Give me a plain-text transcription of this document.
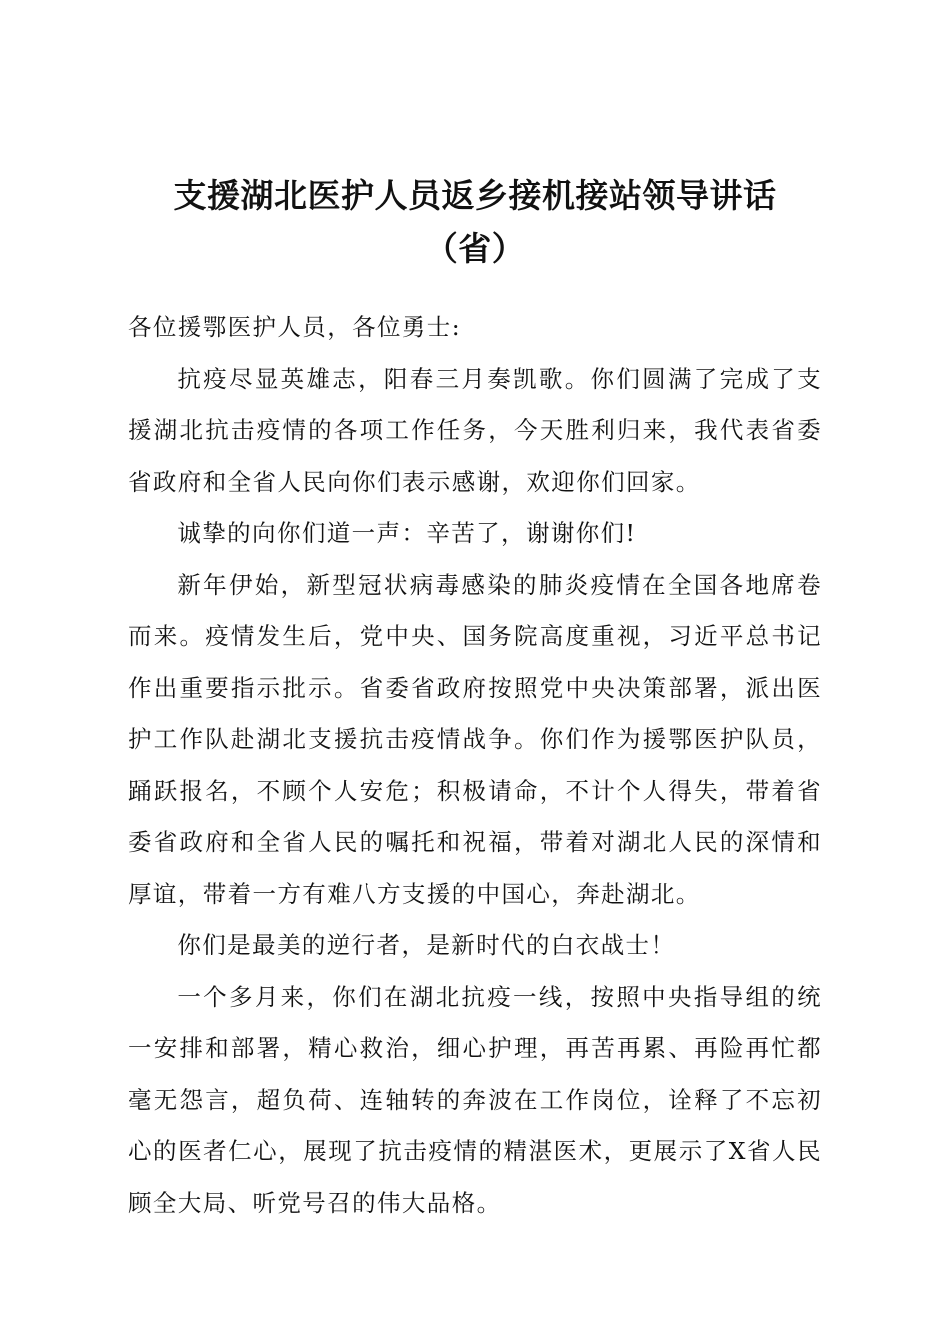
支援湖北医护人员返乡接机接站领导讲话
（省）

各位援鄂医护人员，各位勇士:

抗疫尽显英雄志，阳春三月奏凯歌。你们圆满了完成了支援湖北抗击疫情的各项工作任务，今天胜利归来，我代表省委省政府和全省人民向你们表示感谢，欢迎你们回家。

诚挚的向你们道一声：辛苦了，谢谢你们!

新年伊始，新型冠状病毒感染的肺炎疫情在全国各地席卷而来。疫情发生后，党中央、国务院高度重视，习近平总书记作出重要指示批示。省委省政府按照党中央决策部署，派出医护工作队赴湖北支援抗击疫情战争。你们作为援鄂医护队员，踊跃报名，不顾个人安危；积极请命，不计个人得失，带着省委省政府和全省人民的嘱托和祝福，带着对湖北人民的深情和厚谊，带着一方有难八方支援的中国心，奔赴湖北。

你们是最美的逆行者，是新时代的白衣战士！

一个多月来，你们在湖北抗疫一线，按照中央指导组的统一安排和部署，精心救治，细心护理，再苦再累、再险再忙都毫无怨言，超负荷、连轴转的奔波在工作岗位，诠释了不忘初心的医者仁心，展现了抗击疫情的精湛医术，更展示了X省人民顾全大局、听党号召的伟大品格。
